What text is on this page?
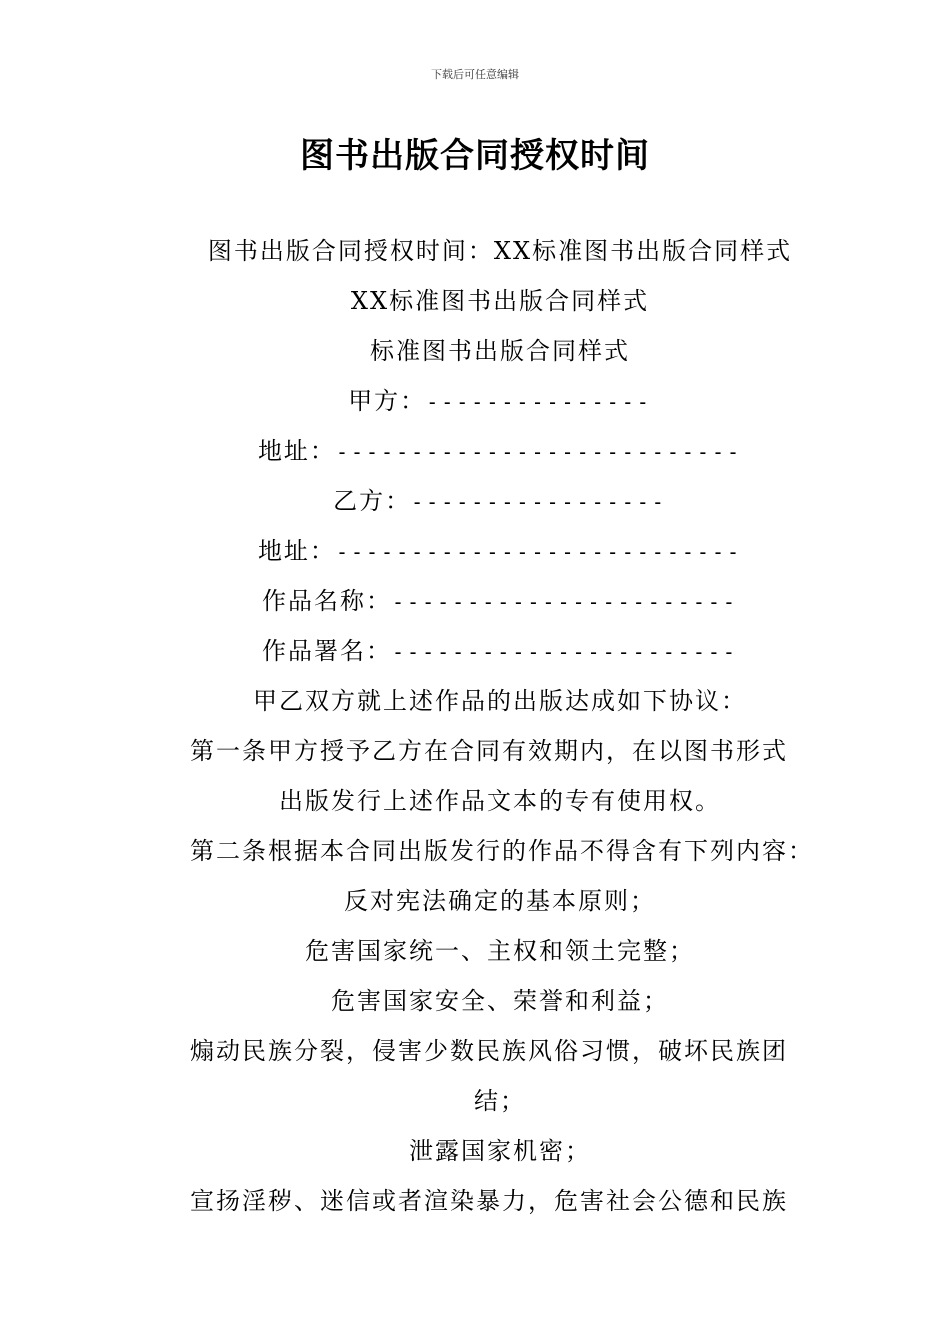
下载后可任意编辑
图书出版合同授权时间
图书出版合同授权时间：XX标准图书出版合同样式
XX标准图书出版合同样式
标准图书出版合同样式
甲方：---------------
地址：---------------------------
乙方：-----------------
地址：---------------------------
作品名称：-----------------------
作品署名：-----------------------
甲乙双方就上述作品的出版达成如下协议：
第一条甲方授予乙方在合同有效期内，在以图书形式
出版发行上述作品文本的专有使用权。
第二条根据本合同出版发行的作品不得含有下列内容：
反对宪法确定的基本原则；
危害国家统一、主权和领土完整；
危害国家安全、荣誉和利益；
煽动民族分裂，侵害少数民族风俗习惯，破坏民族团
结；
泄露国家机密；
宣扬淫秽、迷信或者渲染暴力，危害社会公德和民族
